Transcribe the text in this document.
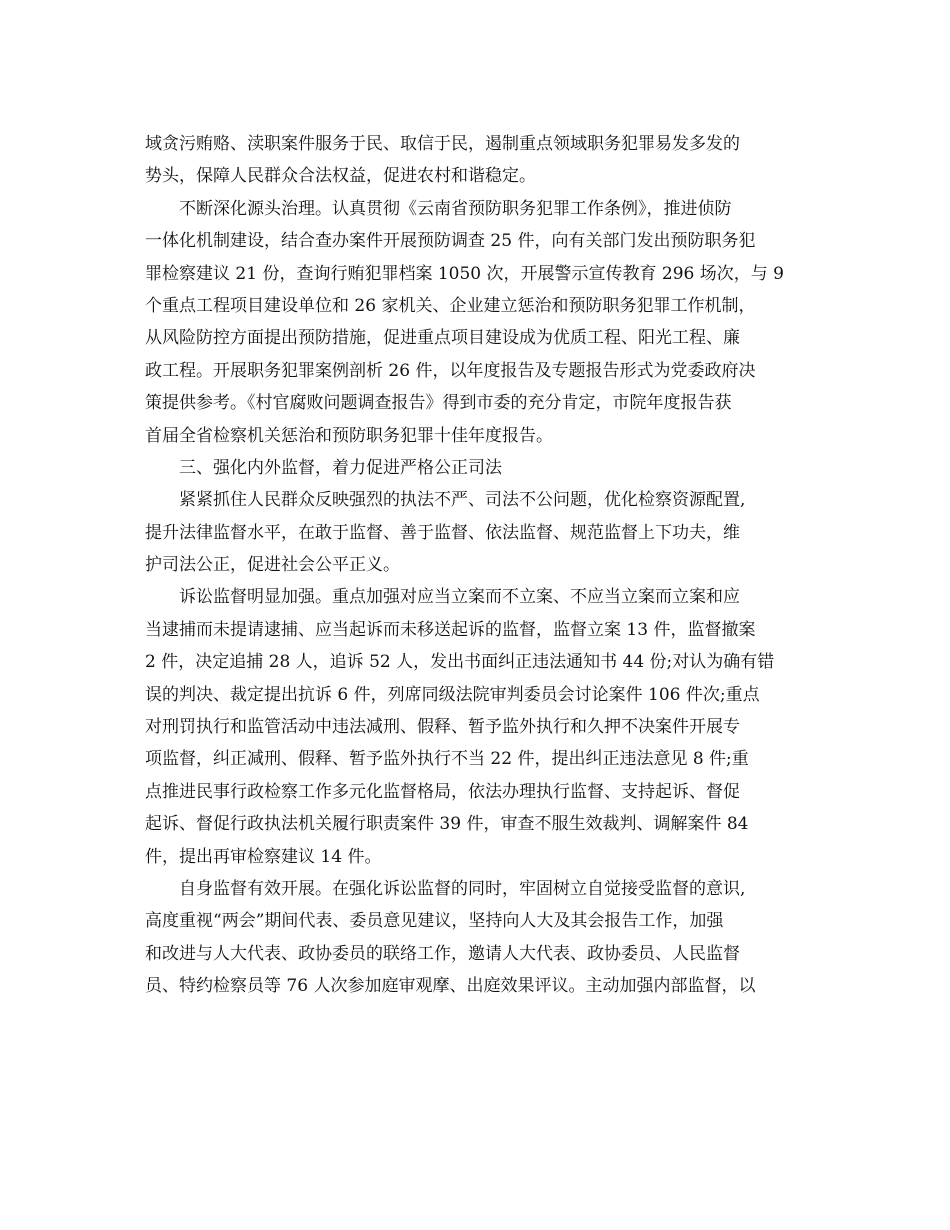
域贪污贿赂、渎职案件服务于民、取信于民，遏制重点领域职务犯罪易发多发的
势头，保障人民群众合法权益，促进农村和谐稳定。
不断深化源头治理。认真贯彻《云南省预防职务犯罪工作条例》，推进侦防
一体化机制建设，结合查办案件开展预防调查 25 件，向有关部门发出预防职务犯
罪检察建议 21 份，查询行贿犯罪档案 1050 次，开展警示宣传教育 296 场次，与 9
个重点工程项目建设单位和 26 家机关、企业建立惩治和预防职务犯罪工作机制，
从风险防控方面提出预防措施，促进重点项目建设成为优质工程、阳光工程、廉
政工程。开展职务犯罪案例剖析 26 件，以年度报告及专题报告形式为党委政府决
策提供参考。《村官腐败问题调查报告》得到市委的充分肯定，市院年度报告获
首届全省检察机关惩治和预防职务犯罪十佳年度报告。
三、强化内外监督，着力促进严格公正司法
紧紧抓住人民群众反映强烈的执法不严、司法不公问题，优化检察资源配置,
提升法律监督水平，在敢于监督、善于监督、依法监督、规范监督上下功夫，维
护司法公正，促进社会公平正义。
诉讼监督明显加强。重点加强对应当立案而不立案、不应当立案而立案和应
当逮捕而未提请逮捕、应当起诉而未移送起诉的监督，监督立案 13 件，监督撤案
2 件，决定追捕 28 人，追诉 52 人，发出书面纠正违法通知书 44 份;对认为确有错
误的判决、裁定提出抗诉 6 件，列席同级法院审判委员会讨论案件 106 件次;重点
对刑罚执行和监管活动中违法减刑、假释、暂予监外执行和久押不决案件开展专
项监督，纠正减刑、假释、暂予监外执行不当 22 件，提出纠正违法意见 8 件;重
点推进民事行政检察工作多元化监督格局，依法办理执行监督、支持起诉、督促
起诉、督促行政执法机关履行职责案件 39 件，审查不服生效裁判、调解案件 84
件，提出再审检察建议 14 件。
自身监督有效开展。在强化诉讼监督的同时，牢固树立自觉接受监督的意识,
高度重视“两会”期间代表、委员意见建议，坚持向人大及其会报告工作，加强
和改进与人大代表、政协委员的联络工作，邀请人大代表、政协委员、人民监督
员、特约检察员等 76 人次参加庭审观摩、出庭效果评议。主动加强内部监督，以
